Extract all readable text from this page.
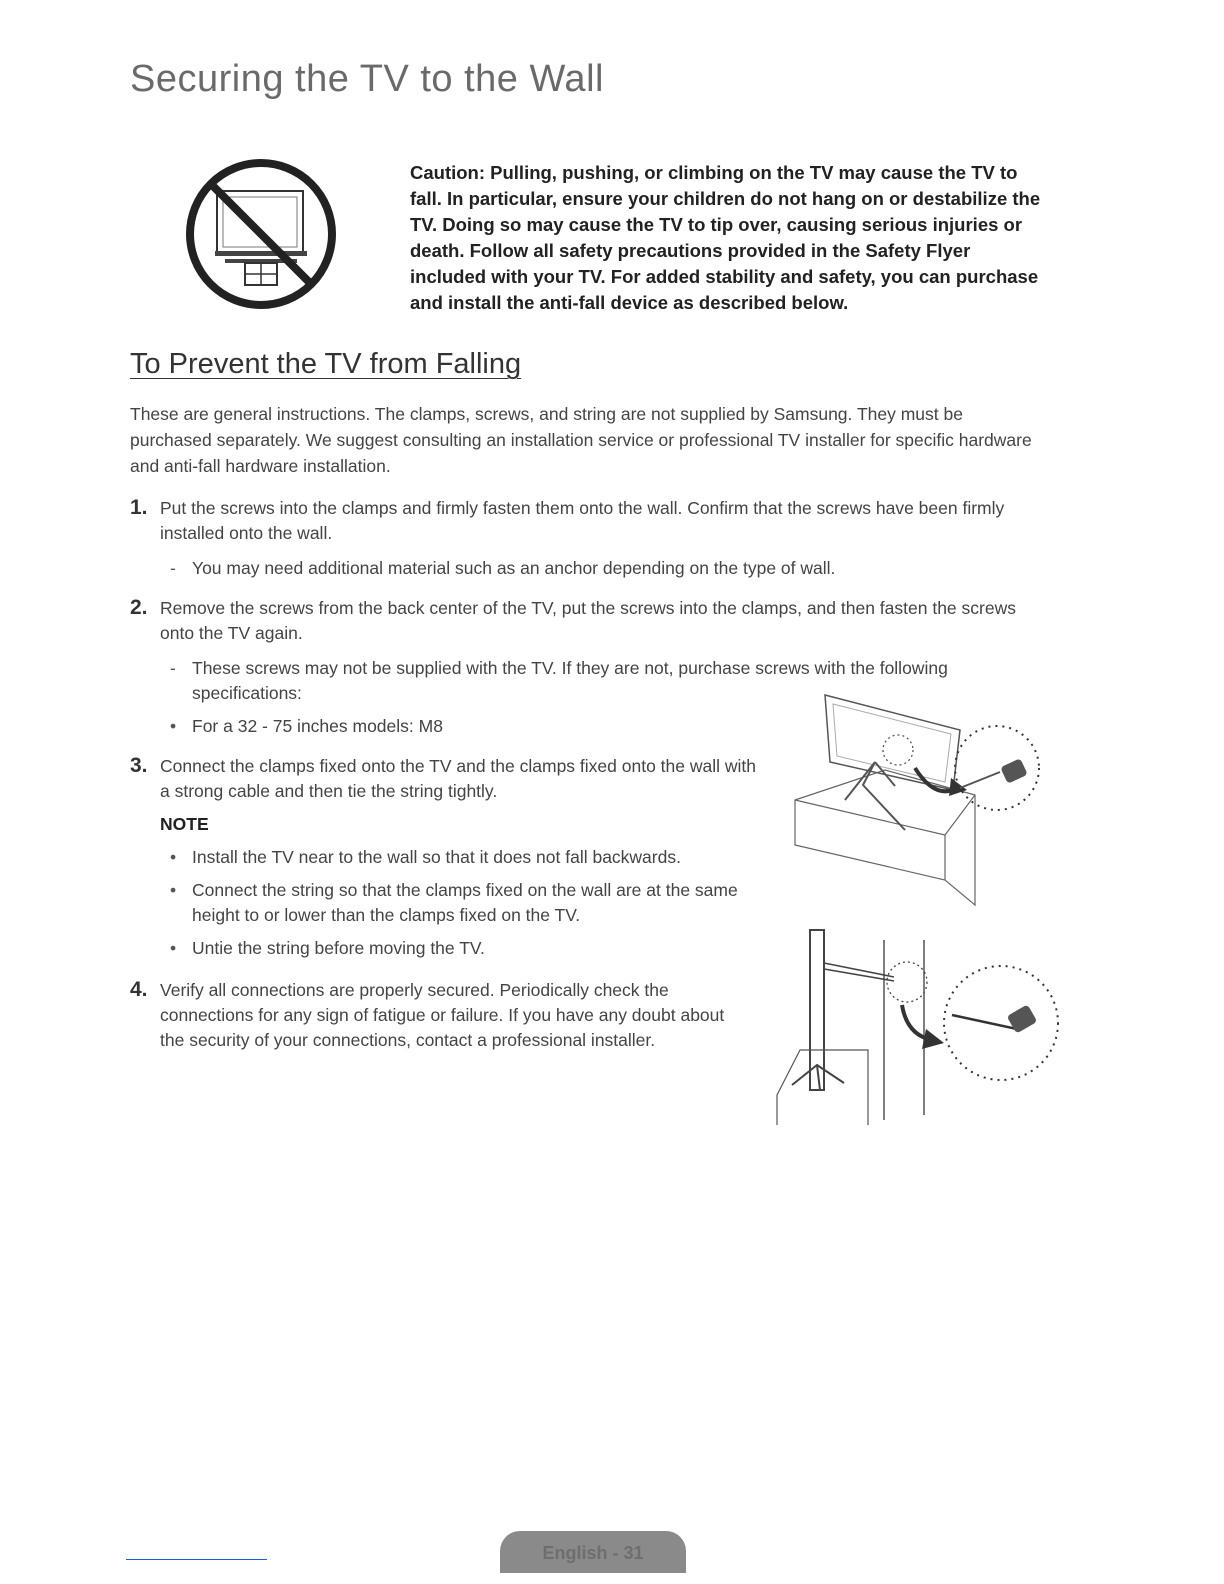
Securing the TV to the Wall
Caution: Pulling, pushing, or climbing on the TV may cause the TV to fall. In particular, ensure your children do not hang on or destabilize the TV. Doing so may cause the TV to tip over, causing serious injuries or death. Follow all safety precautions provided in the Safety Flyer included with your TV. For added stability and safety, you can purchase and install the anti-fall device as described below.
To Prevent the TV from Falling
These are general instructions. The clamps, screws, and string are not supplied by Samsung. They must be purchased separately. We suggest consulting an installation service or professional TV installer for specific hardware and anti-fall hardware installation.
1. Put the screws into the clamps and firmly fasten them onto the wall. Confirm that the screws have been firmly installed onto the wall.
- You may need additional material such as an anchor depending on the type of wall.
2. Remove the screws from the back center of the TV, put the screws into the clamps, and then fasten the screws onto the TV again.
- These screws may not be supplied with the TV. If they are not, purchase screws with the following specifications:
• For a 32 - 75 inches models: M8
3. Connect the clamps fixed onto the TV and the clamps fixed onto the wall with a strong cable and then tie the string tightly.
NOTE
• Install the TV near to the wall so that it does not fall backwards.
• Connect the string so that the clamps fixed on the wall are at the same height to or lower than the clamps fixed on the TV.
• Untie the string before moving the TV.
4. Verify all connections are properly secured. Periodically check the connections for any sign of fatigue or failure. If you have any doubt about the security of your connections, contact a professional installer.
English - 31
